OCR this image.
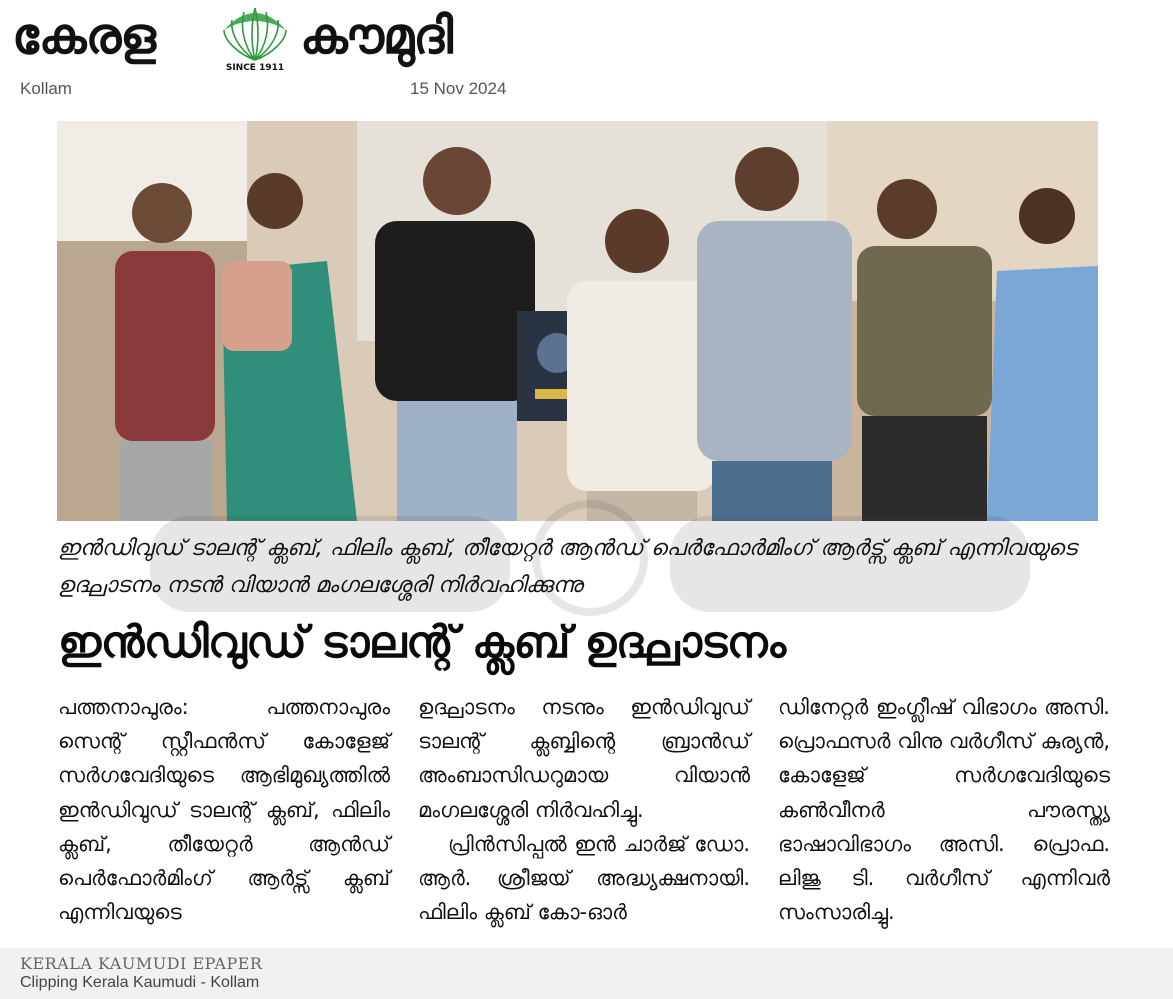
കേരള
SINCE 1911
കൗമുദി
Kollam	15 Nov 2024
ഇൻഡിവുഡ് ടാലന്റ് ക്ലബ്, ഫിലിം ക്ലബ്, തീയേറ്റർ ആൻഡ് പെർഫോർമിംഗ് ആർട്സ് ക്ലബ് എന്നിവയുടെ ഉദ്ഘാടനം നടൻ വിയാൻ മംഗലശ്ശേരി നിർവഹിക്കുന്നു
ഇൻഡിവുഡ് ടാലന്റ് ക്ലബ് ഉദ്ഘാടനം

പത്തനാപുരം: പത്തനാപുരം സെന്റ് സ്റ്റീഫൻസ് കോളേജ് സർഗവേദിയുടെ ആഭിമുഖ്യത്തിൽ ഇൻഡിവുഡ് ടാലന്റ് ക്ലബ്, ഫിലിം ക്ലബ്, തീയേറ്റർ ആൻഡ് പെർഫോർമിംഗ് ആർട്സ് ക്ലബ് എന്നിവയുടെ

ഉദ്ഘാടനം നടനും ഇൻഡിവുഡ് ടാലന്റ് ക്ലബ്ബിന്റെ ബ്രാൻഡ് അംബാസിഡറുമായ വിയാൻ മംഗലശ്ശേരി നിർവഹിച്ചു.

പ്രിൻസിപ്പൽ ഇൻ ചാർജ് ഡോ. ആർ. ശ്രീജയ് അദ്ധ്യക്ഷനായി. ഫിലിം ക്ലബ് കോ-ഓർ

ഡിനേറ്റർ ഇംഗ്ലീഷ് വിഭാഗം അസി. പ്രൊഫസർ വിനു വർഗീസ് കുര്യൻ, കോളേജ് സർഗവേദിയുടെ കൺവീനർ പൗരസ്ത്യ ഭാഷാവിഭാഗം അസി. പ്രൊഫ. ലിജു ടി. വർഗീസ് എന്നിവർ സംസാരിച്ചു.

KERALA KAUMUDI EPAPER
Clipping Kerala Kaumudi - Kollam
